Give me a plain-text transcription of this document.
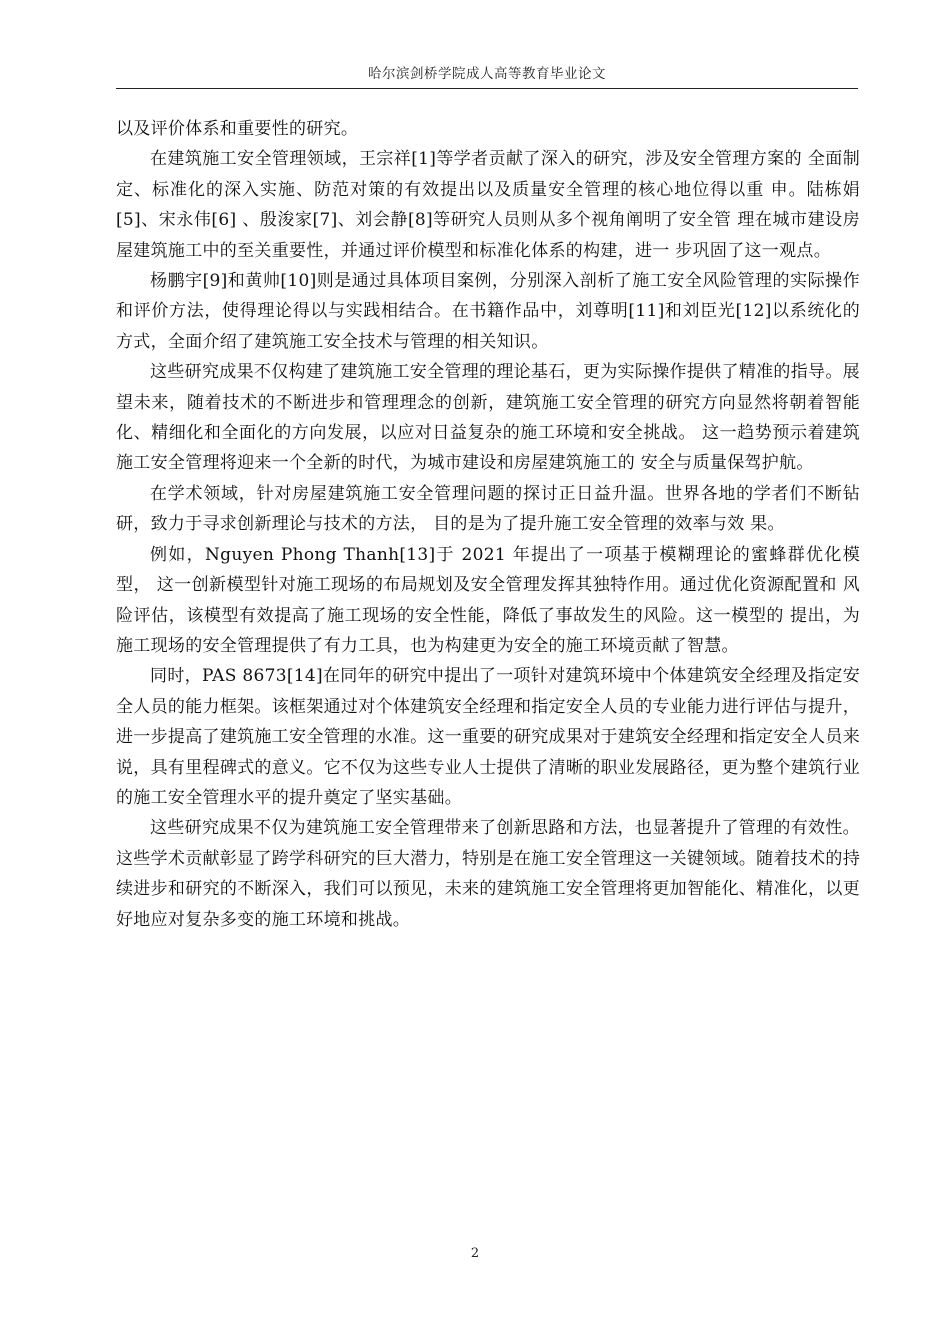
哈尔滨剑桥学院成人高等教育毕业论文

以及评价体系和重要性的研究。

在建筑施工安全管理领域，王宗祥[1]等学者贡献了深入的研究，涉及安全管理方案的 全面制定、标准化的深入实施、防范对策的有效提出以及质量安全管理的核心地位得以重 申。陆栋娟[5]、宋永伟[6] 、殷浚家[7]、刘会静[8]等研究人员则从多个视角阐明了安全管 理在城市建设房屋建筑施工中的至关重要性，并通过评价模型和标准化体系的构建，进一 步巩固了这一观点。

杨鹏宇[9]和黄帅[10]则是通过具体项目案例，分别深入剖析了施工安全风险管理的实际操作和评价方法，使得理论得以与实践相结合。在书籍作品中，刘尊明[11]和刘臣光[12]以系统化的方式，全面介绍了建筑施工安全技术与管理的相关知识。

这些研究成果不仅构建了建筑施工安全管理的理论基石，更为实际操作提供了精准的指导。展望未来，随着技术的不断进步和管理理念的创新，建筑施工安全管理的研究方向显然将朝着智能化、精细化和全面化的方向发展，以应对日益复杂的施工环境和安全挑战。 这一趋势预示着建筑施工安全管理将迎来一个全新的时代，为城市建设和房屋建筑施工的 安全与质量保驾护航。

在学术领域，针对房屋建筑施工安全管理问题的探讨正日益升温。世界各地的学者们不断钻研，致力于寻求创新理论与技术的方法， 目的是为了提升施工安全管理的效率与效 果。

例如，Nguyen Phong Thanh[13]于 2021 年提出了一项基于模糊理论的蜜蜂群优化模型， 这一创新模型针对施工现场的布局规划及安全管理发挥其独特作用。通过优化资源配置和 风险评估，该模型有效提高了施工现场的安全性能，降低了事故发生的风险。这一模型的 提出，为施工现场的安全管理提供了有力工具，也为构建更为安全的施工环境贡献了智慧。

同时，PAS 8673[14]在同年的研究中提出了一项针对建筑环境中个体建筑安全经理及指定安全人员的能力框架。该框架通过对个体建筑安全经理和指定安全人员的专业能力进行评估与提升，进一步提高了建筑施工安全管理的水准。这一重要的研究成果对于建筑安全经理和指定安全人员来说，具有里程碑式的意义。它不仅为这些专业人士提供了清晰的职业发展路径，更为整个建筑行业的施工安全管理水平的提升奠定了坚实基础。

这些研究成果不仅为建筑施工安全管理带来了创新思路和方法，也显著提升了管理的有效性。这些学术贡献彰显了跨学科研究的巨大潜力，特别是在施工安全管理这一关键领域。随着技术的持续进步和研究的不断深入，我们可以预见，未来的建筑施工安全管理将更加智能化、精准化，以更好地应对复杂多变的施工环境和挑战。

2
